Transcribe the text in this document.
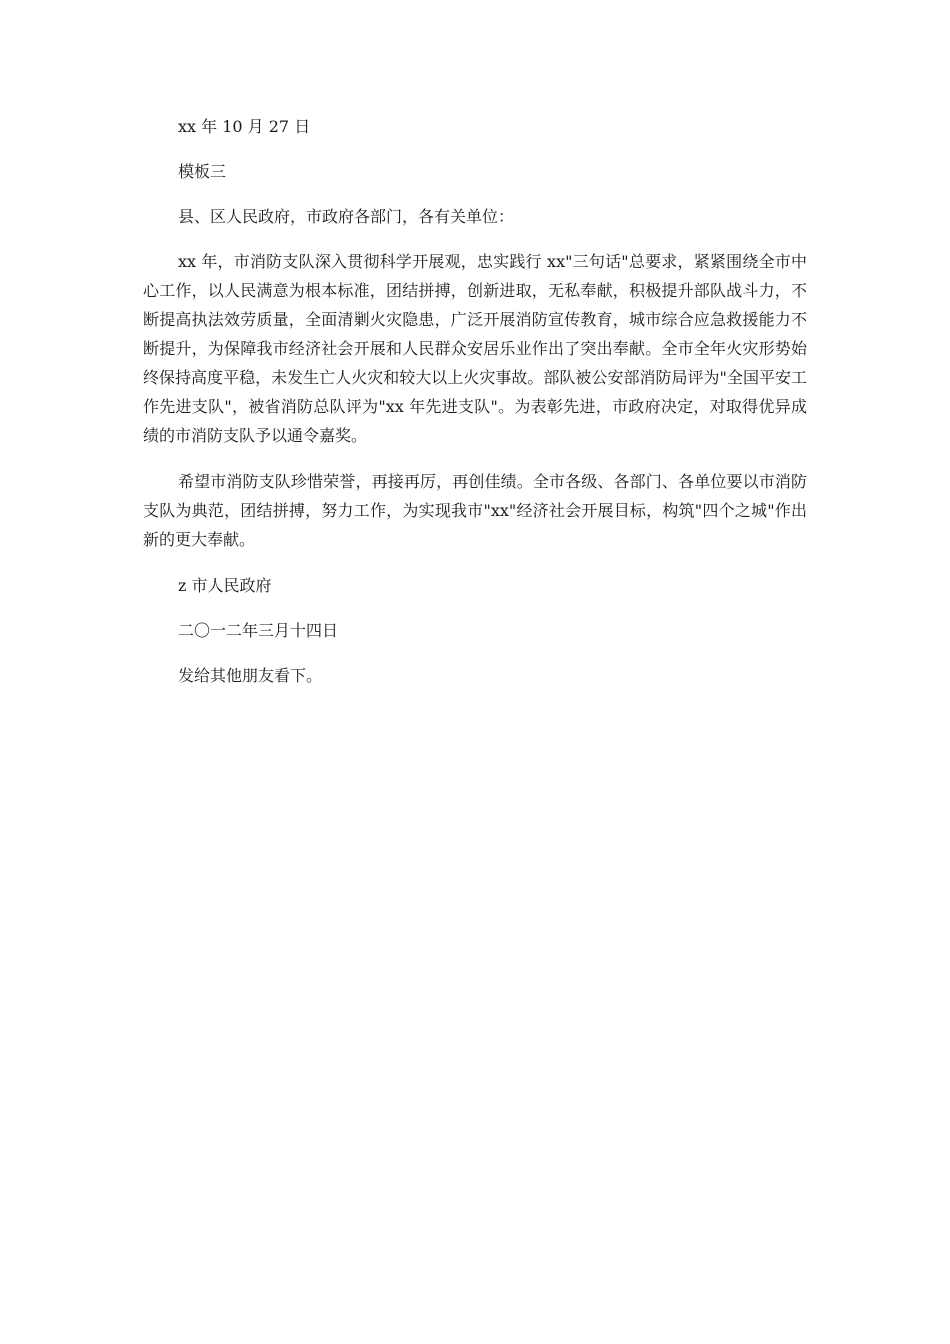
xx 年 10 月 27 日

模板三

县、区人民政府，市政府各部门，各有关单位：

xx 年，市消防支队深入贯彻科学开展观，忠实践行 xx"三句话"总要求，紧紧围绕全市中心工作，以人民满意为根本标准，团结拼搏，创新进取，无私奉献，积极提升部队战斗力，不断提高执法效劳质量，全面清剿火灾隐患，广泛开展消防宣传教育，城市综合应急救援能力不断提升，为保障我市经济社会开展和人民群众安居乐业作出了突出奉献。全市全年火灾形势始终保持高度平稳，未发生亡人火灾和较大以上火灾事故。部队被公安部消防局评为"全国平安工作先进支队"，被省消防总队评为"xx 年先进支队"。为表彰先进，市政府决定，对取得优异成绩的市消防支队予以通令嘉奖。

希望市消防支队珍惜荣誉，再接再厉，再创佳绩。全市各级、各部门、各单位要以市消防支队为典范，团结拼搏，努力工作，为实现我市"xx"经济社会开展目标，构筑"四个之城"作出新的更大奉献。

z 市人民政府

二〇一二年三月十四日

发给其他朋友看下。
